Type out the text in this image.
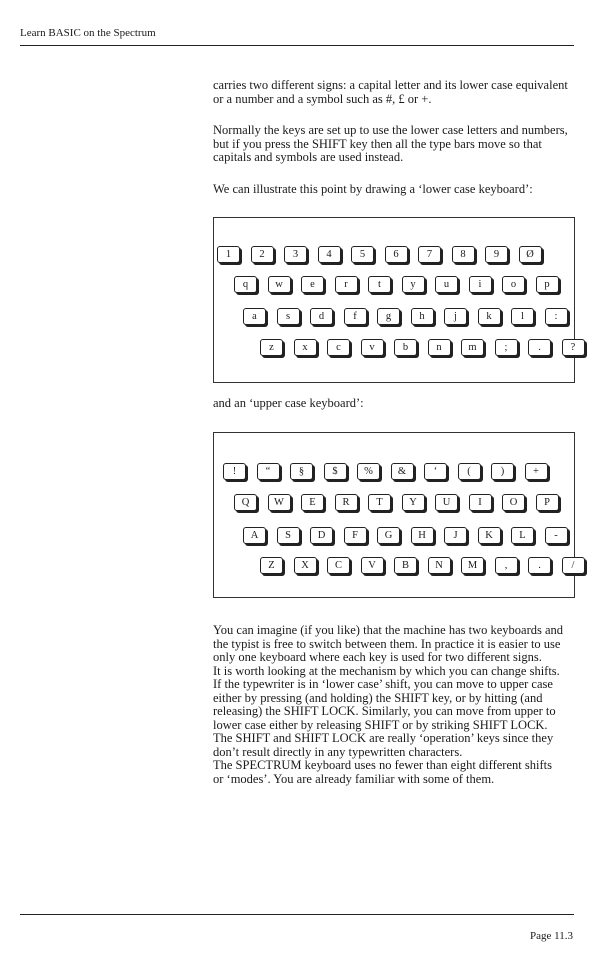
Learn BASIC on the Spectrum
carries two different signs: a capital letter and its lower case equivalent
or a number and a symbol such as #, £ or +.
Normally the keys are set up to use the lower case letters and numbers,
but if you press the SHIFT key then all the type bars move so that
capitals and symbols are used instead.

We can illustrate this point by drawing a ‘lower case keyboard’:

1	2	3	4	5	6	7	8	9	Ø
q	w	e	r	t	y	u	i	o	p
a	s	d	f	g	h	j	k	l	:
z	x	c	v	b	n	m	;	.	?

and an ‘upper case keyboard’:

!	“	§	$	%	&	‘	(	)	+
Q	W	E	R	T	Y	U	I	O	P
A	S	D	F	G	H	J	K	L	-
Z	X	C	V	B	N	M	,	.	/
You can imagine (if you like) that the machine has two keyboards and
the typist is free to switch between them. In practice it is easier to use
only one keyboard where each key is used for two different signs.
It is worth looking at the mechanism by which you can change shifts.
If the typewriter is in ‘lower case’ shift, you can move to upper case
either by pressing (and holding) the SHIFT key, or by hitting (and
releasing) the SHIFT LOCK. Similarly, you can move from upper to
lower case either by releasing SHIFT or by striking SHIFT LOCK.
The SHIFT and SHIFT LOCK are really ‘operation’ keys since they
don’t result directly in any typewritten characters.
The SPECTRUM keyboard uses no fewer than eight different shifts
or ‘modes’. You are already familiar with some of them.
Page 11.3
